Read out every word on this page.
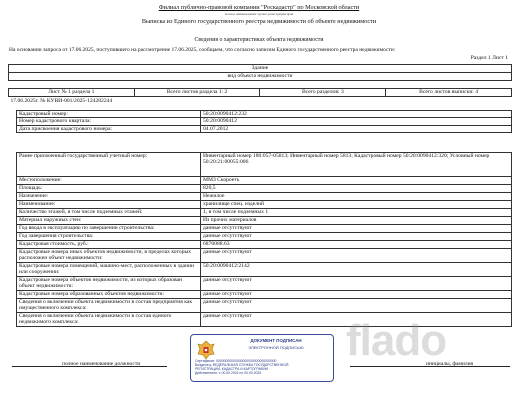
Филиал публично-правовой компании "Роскадастр" по Московской области
полное наименование органа регистрации прав
Выписка из Единого государственного реестра недвижимости об объекте недвижимости
Сведения о характеристиках объекта недвижимости
На основании запроса от 17.06.2025, поступившего на рассмотрение 17.06.2025, сообщаем, что согласно записям Единого государственного реестра недвижимости:
Раздел 1 Лист 1
Здание
вид объекта недвижимости

Лист № 1 раздела 1	Всего листов раздела 1: 2	Всего разделов: 3	Всего листов выписки: 4
17.06.2025г. № КУВИ-001/2025-124282244
Кадастровый номер:	50:20:0090412:232
Номер кадастрового квартала:	50:20:0090412
Дата присвоения кадастрового номера:	04.07.2012
Ранее присвоенный государственный учетный номер:	Инвентарный номер 180:057-05813; Инвентарный номер 5813; Кадастровый номер 50:20:0090412:320; Условный номер 50:20:21:00055:006
Местоположение:	ММЗ Скороеть
Площадь:	820,5
Назначение:	Нежилое
Наименование:	хранилище спец. изделий
Количество этажей, в том числе подземных этажей:	1, в том числе подземных 1
Материал наружных стен:	Из прочих материалов
Год ввода в эксплуатацию по завершении строительства:	данные отсутствуют
Год завершения строительства:	данные отсутствуют
Кадастровая стоимость, руб.:	6870088.63
Кадастровые номера иных объектов недвижимости, в пределах которых расположен объект недвижимости:	данные отсутствуют
Кадастровые номера помещений, машино-мест, расположенных в здании или сооружении:	50:20:0090412:2142
Кадастровые номера объектов недвижимости, из которых образован объект недвижимости:	данные отсутствуют
Кадастровые номера образованных объектов недвижимости:	данные отсутствуют
Сведения о включении объекта недвижимости в состав предприятия как имущественного комплекса:	данные отсутствуют
Сведения о включении объекта недвижимости в состав единого недвижимого комплекса:	данные отсутствуют
полное наименование должности	инициалы, фамилия
ДОКУМЕНТ ПОДПИСАН
ЭЛЕКТРОННОЙ ПОДПИСЬЮ
Сертификат: 00000000000000000000000000000000
Владелец: ФЕДЕРАЛЬНАЯ СЛУЖБА ГОСУДАРСТВЕННОЙ
РЕГИСТРАЦИИ, КАДАСТРА И КАРТОГРАФИИ
Действителен: с 00.00.2024 по 00.00.2025
flado
